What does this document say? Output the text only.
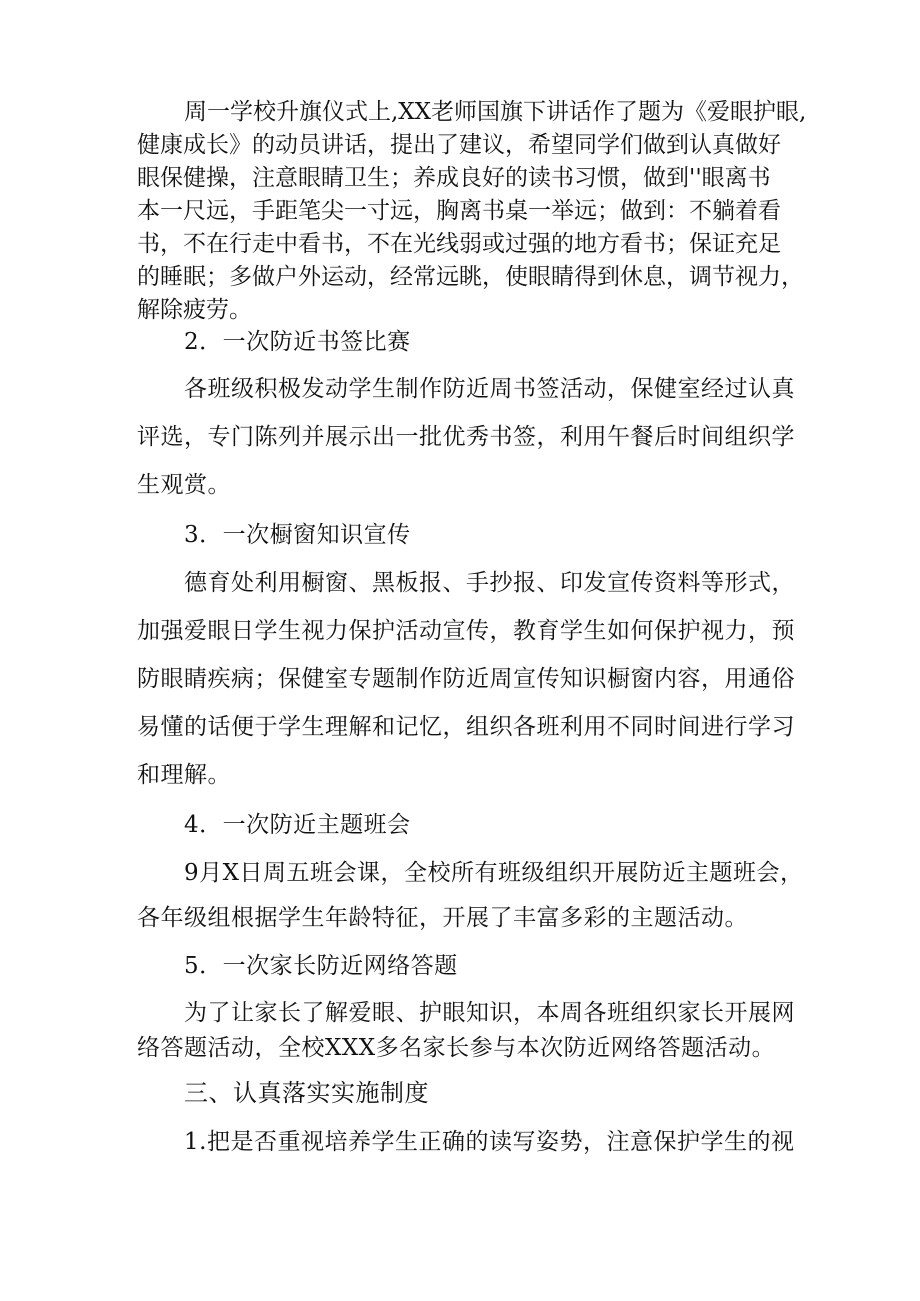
周一学校升旗仪式上,XX老师国旗下讲话作了题为《爱眼护眼,
健康成长》的动员讲话，提出了建议，希望同学们做到认真做好
眼保健操，注意眼睛卫生；养成良好的读书习惯，做到''眼离书
本一尺远，手距笔尖一寸远，胸离书桌一举远；做到：不躺着看
书，不在行走中看书，不在光线弱或过强的地方看书；保证充足
的睡眠；多做户外运动，经常远眺，使眼睛得到休息，调节视力，
解除疲劳。
2．一次防近书签比赛
各班级积极发动学生制作防近周书签活动，保健室经过认真
评选，专门陈列并展示出一批优秀书签，利用午餐后时间组织学
生观赏。
3．一次橱窗知识宣传
德育处利用橱窗、黑板报、手抄报、印发宣传资料等形式，
加强爱眼日学生视力保护活动宣传，教育学生如何保护视力，预
防眼睛疾病；保健室专题制作防近周宣传知识橱窗内容，用通俗
易懂的话便于学生理解和记忆，组织各班利用不同时间进行学习
和理解。
4．一次防近主题班会
9月X日周五班会课，全校所有班级组织开展防近主题班会，
各年级组根据学生年龄特征，开展了丰富多彩的主题活动。
5．一次家长防近网络答题
为了让家长了解爱眼、护眼知识，本周各班组织家长开展网
络答题活动，全校XXX多名家长参与本次防近网络答题活动。
三、认真落实实施制度
1.把是否重视培养学生正确的读写姿势，注意保护学生的视
